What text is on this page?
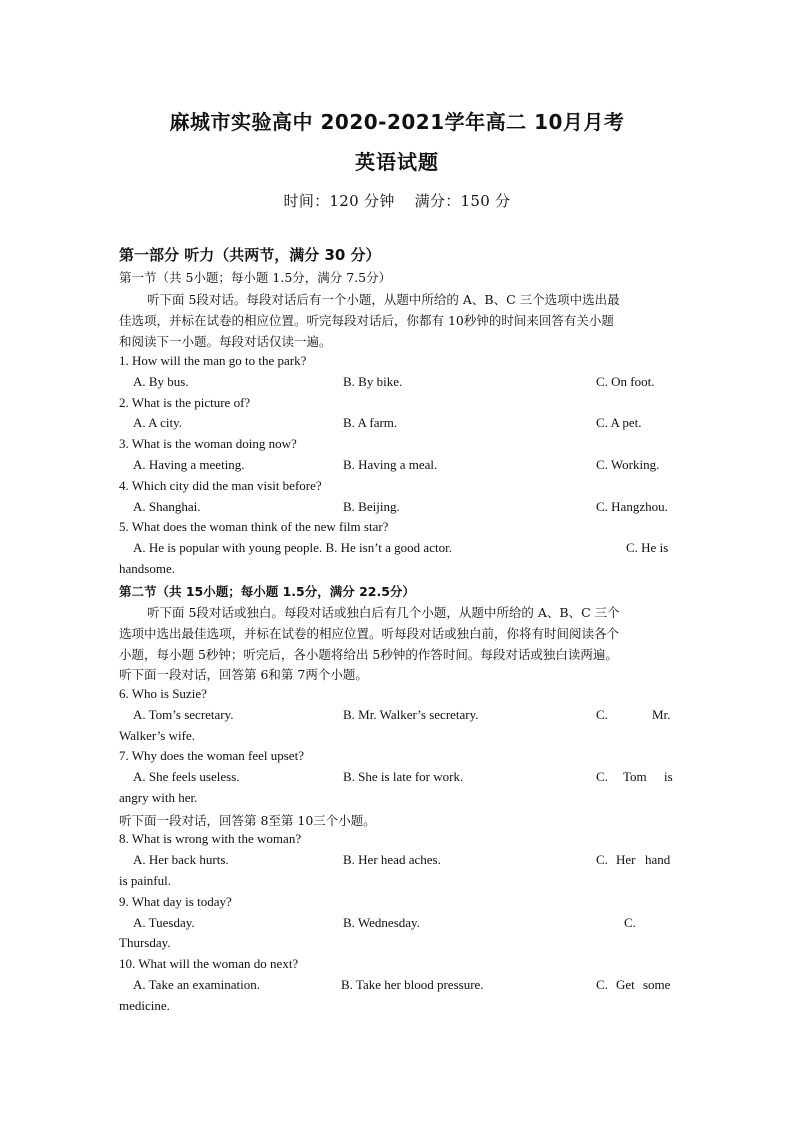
麻城市实验高中 2020-2021学年高二 10月月考
英语试题
时间：120 分钟 满分：150 分
第一部分 听力（共两节，满分 30 分）
第一节（共 5小题；每小题 1.5分，满分 7.5分）
听下面 5段对话。每段对话后有一个小题，从题中所给的 A、B、C 三个选项中选出最
佳选项，并标在试卷的相应位置。听完每段对话后，你都有 10秒钟的时间来回答有关小题
和阅读下一小题。每段对话仅读一遍。
1. How will the man go to the park?
A. By bus.	B. By bike.	C. On foot.
2. What is the picture of?
A. A city.	B. A farm.	C. A pet.
3. What is the woman doing now?
A. Having a meeting.	B. Having a meal.	C. Working.
4. Which city did the man visit before?
A. Shanghai.	B. Beijing.	C. Hangzhou.
5. What does the woman think of the new film star?
A. He is popular with young people. B. He isn’t a good actor.	C. He is
handsome.
第二节（共 15小题；每小题 1.5分，满分 22.5分）
听下面 5段对话或独白。每段对话或独白后有几个小题，从题中所给的 A、B、C 三个
选项中选出最佳选项，并标在试卷的相应位置。听每段对话或独白前，你将有时间阅读各个
小题，每小题 5秒钟；听完后，各小题将给出 5秒钟的作答时间。每段对话或独白读两遍。
听下面一段对话，回答第 6和第 7两个小题。
6. Who is Suzie?
A. Tom’s secretary.	B. Mr. Walker’s secretary.	C.	Mr.
Walker’s wife.
7. Why does the woman feel upset?
A. She feels useless.	B. She is late for work.	C. Tom is
angry with her.
听下面一段对话，回答第 8至第 10三个小题。
8. What is wrong with the woman?
A. Her back hurts.	B. Her head aches.	C. Her hand
is painful.
9. What day is today?
A. Tuesday.	B. Wednesday.	C.
Thursday.
10. What will the woman do next?
A. Take an examination.	B. Take her blood pressure.	C. Get some
medicine.
